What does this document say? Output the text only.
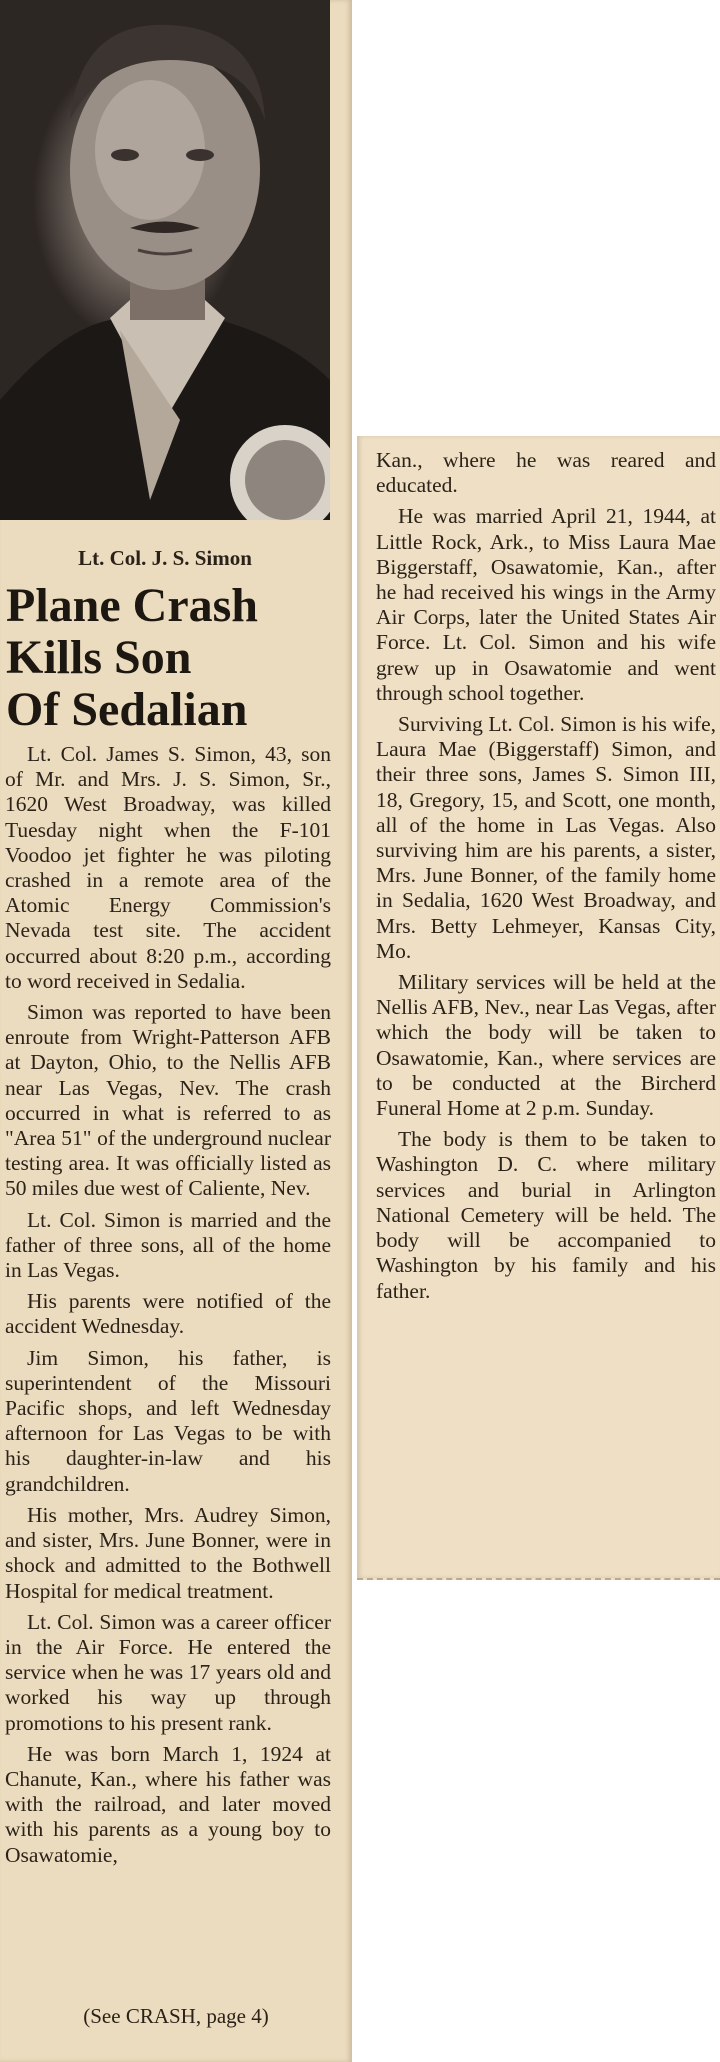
Lt. Col. J. S. Simon
Plane Crash
Kills Son
Of Sedalian

Lt. Col. James S. Simon, 43, son of Mr. and Mrs. J. S. Simon, Sr., 1620 West Broadway, was killed Tuesday night when the F-101 Voodoo jet fighter he was piloting crashed in a remote area of the Atomic Energy Commission's Nevada test site. The accident occurred about 8:20 p.m., according to word received in Sedalia.

Simon was reported to have been enroute from Wright-Patterson AFB at Dayton, Ohio, to the Nellis AFB near Las Vegas, Nev. The crash occurred in what is referred to as "Area 51" of the underground nuclear testing area. It was officially listed as 50 miles due west of Caliente, Nev.

Lt. Col. Simon is married and the father of three sons, all of the home in Las Vegas.

His parents were notified of the accident Wednesday.

Jim Simon, his father, is superintendent of the Missouri Pacific shops, and left Wednesday afternoon for Las Vegas to be with his daughter-in-law and his grandchildren.

His mother, Mrs. Audrey Simon, and sister, Mrs. June Bonner, were in shock and admitted to the Bothwell Hospital for medical treatment.

Lt. Col. Simon was a career officer in the Air Force. He entered the service when he was 17 years old and worked his way up through promotions to his present rank.

He was born March 1, 1924 at Chanute, Kan., where his father was with the railroad, and later moved with his parents as a young boy to Osawatomie,

(See CRASH, page 4)

Kan., where he was reared and educated.

He was married April 21, 1944, at Little Rock, Ark., to Miss Laura Mae Biggerstaff, Osawatomie, Kan., after he had received his wings in the Army Air Corps, later the United States Air Force. Lt. Col. Simon and his wife grew up in Osawatomie and went through school together.

Surviving Lt. Col. Simon is his wife, Laura Mae (Biggerstaff) Simon, and their three sons, James S. Simon III, 18, Gregory, 15, and Scott, one month, all of the home in Las Vegas. Also surviving him are his parents, a sister, Mrs. June Bonner, of the family home in Sedalia, 1620 West Broadway, and Mrs. Betty Lehmeyer, Kansas City, Mo.

Military services will be held at the Nellis AFB, Nev., near Las Vegas, after which the body will be taken to Osawatomie, Kan., where services are to be conducted at the Bircherd Funeral Home at 2 p.m. Sunday.

The body is them to be taken to Washington D. C. where military services and burial in Arlington National Cemetery will be held. The body will be accompanied to Washington by his family and his father.
